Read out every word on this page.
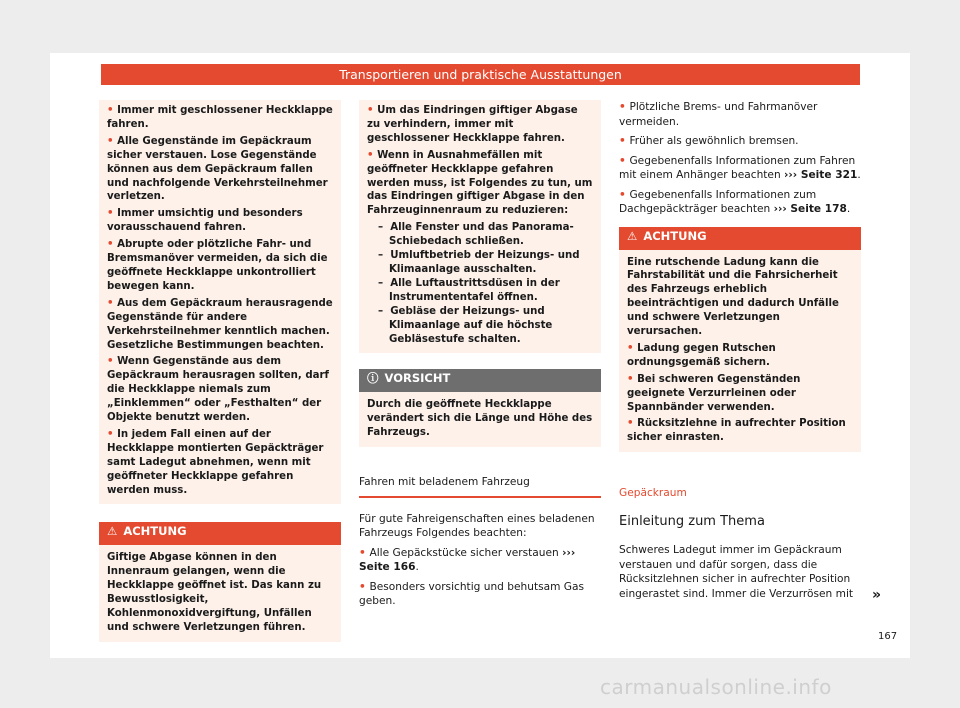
Transportieren und praktische Ausstattungen

• Immer mit geschlossener Heckklappe fahren.

• Alle Gegenstände im Gepäckraum sicher verstauen. Lose Gegenstände können aus dem Gepäckraum fallen und nachfolgende Verkehrsteilnehmer verletzen.

• Immer umsichtig und besonders vorausschauend fahren.

• Abrupte oder plötzliche Fahr- und Bremsmanöver vermeiden, da sich die geöffnete Heckklappe unkontrolliert bewegen kann.

• Aus dem Gepäckraum herausragende Gegenstände für andere Verkehrsteilnehmer kenntlich machen. Gesetzliche Bestimmungen beachten.

• Wenn Gegenstände aus dem Gepäckraum herausragen sollten, darf die Heckklappe niemals zum „Einklemmen“ oder „Festhalten“ der Objekte benutzt werden.

• In jedem Fall einen auf der Heckklappe montierten Gepäckträger samt Ladegut abnehmen, wenn mit geöffneter Heckklappe gefahren werden muss.

⚠ ACHTUNG

Giftige Abgase können in den Innenraum gelangen, wenn die Heckklappe geöffnet ist. Das kann zu Bewusstlosigkeit, Kohlenmonoxidvergiftung, Unfällen und schwere Verletzungen führen.

• Um das Eindringen giftiger Abgase zu verhindern, immer mit geschlossener Heckklappe fahren.

• Wenn in Ausnahmefällen mit geöffneter Heckklappe gefahren werden muss, ist Folgendes zu tun, um das Eindringen giftiger Abgase in den Fahrzeuginnenraum zu reduzieren:

–  Alle Fenster und das Panorama-Schiebedach schließen.
–  Umluftbetrieb der Heizungs- und Klimaanlage ausschalten.
–  Alle Luftaustrittsdüsen in der Instrumententafel öffnen.
–  Gebläse der Heizungs- und Klimaanlage auf die höchste Gebläsestufe schalten.
ⓘ VORSICHT

Durch die geöffnete Heckklappe verändert sich die Länge und Höhe des Fahrzeugs.

Fahren mit beladenem Fahrzeug

Für gute Fahreigenschaften eines beladenen Fahrzeugs Folgendes beachten:

• Alle Gepäckstücke sicher verstauen ››› Seite 166.

• Besonders vorsichtig und behutsam Gas geben.

• Plötzliche Brems- und Fahrmanöver vermeiden.

• Früher als gewöhnlich bremsen.

• Gegebenenfalls Informationen zum Fahren mit einem Anhänger beachten ››› Seite 321.

• Gegebenenfalls Informationen zum Dachgepäckträger beachten ››› Seite 178.

⚠ ACHTUNG

Eine rutschende Ladung kann die Fahrstabilität und die Fahrsicherheit des Fahrzeugs erheblich beeinträchtigen und dadurch Unfälle und schwere Verletzungen verursachen.

• Ladung gegen Rutschen ordnungsgemäß sichern.

• Bei schweren Gegenständen geeignete Verzurrleinen oder Spannbänder verwenden.

• Rücksitzlehne in aufrechter Position sicher einrasten.

Gepäckraum

Einleitung zum Thema

Schweres Ladegut immer im Gepäckraum verstauen und dafür sorgen, dass die Rücksitzlehnen sicher in aufrechter Position eingerastet sind. Immer die Verzurrösen mit	»
167
carmanualsonline.info
